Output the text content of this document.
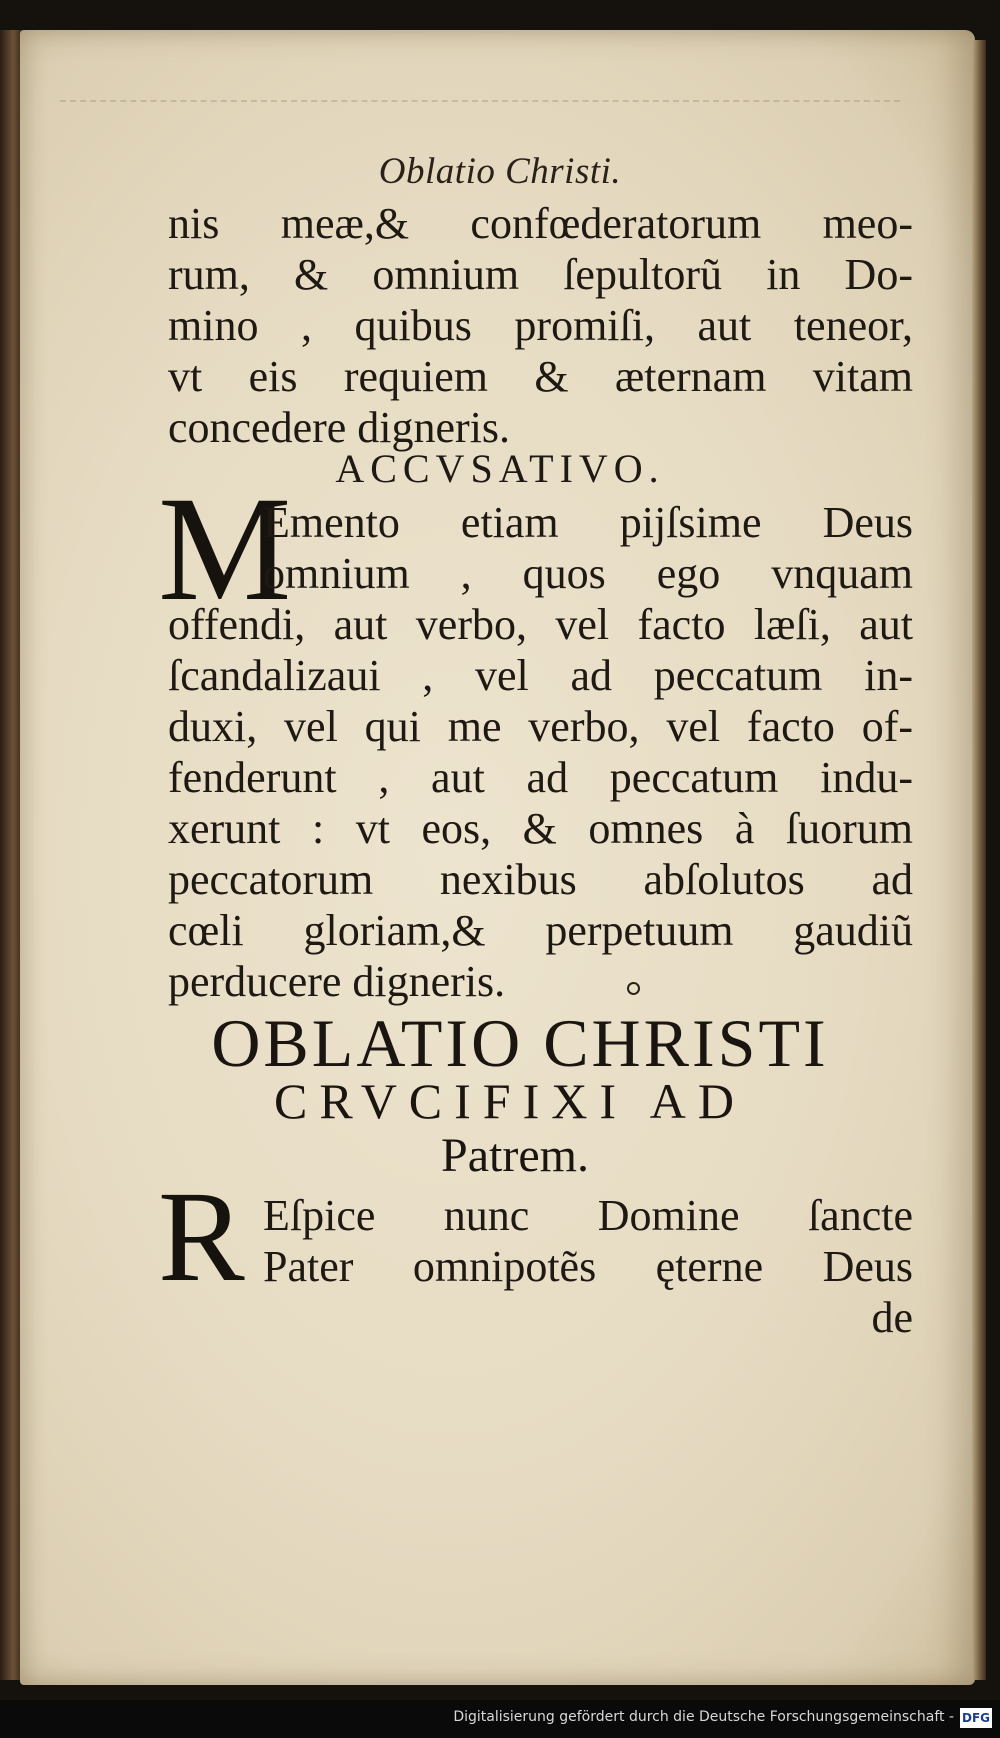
Oblatio Christi.
nis meæ,& confœderatorum meo-
rum, & omnium ſepultorũ in Do-
mino , quibus promiſi, aut teneor,
vt eis requiem & æternam vitam
concedere digneris.
ACCVSATIVO.
M
Emento etiam pijſsime Deus
omnium , quos ego vnquam
offendi, aut verbo, vel facto læſi, aut
ſcandalizaui , vel ad peccatum in-
duxi, vel qui me verbo, vel facto of-
fenderunt , aut ad peccatum indu-
xerunt : vt eos, & omnes à ſuorum
peccatorum nexibus abſolutos ad
cœli gloriam,& perpetuum gaudiũ
perducere digneris.
OBLATIO CHRISTI
CRVCIFIXI AD
Patrem.
R Eſpice nunc Domine ſancte
Pater omnipotẽs ęterne Deus
de
Digitalisierung gefördert durch die Deutsche Forschungsgemeinschaft - DFG
